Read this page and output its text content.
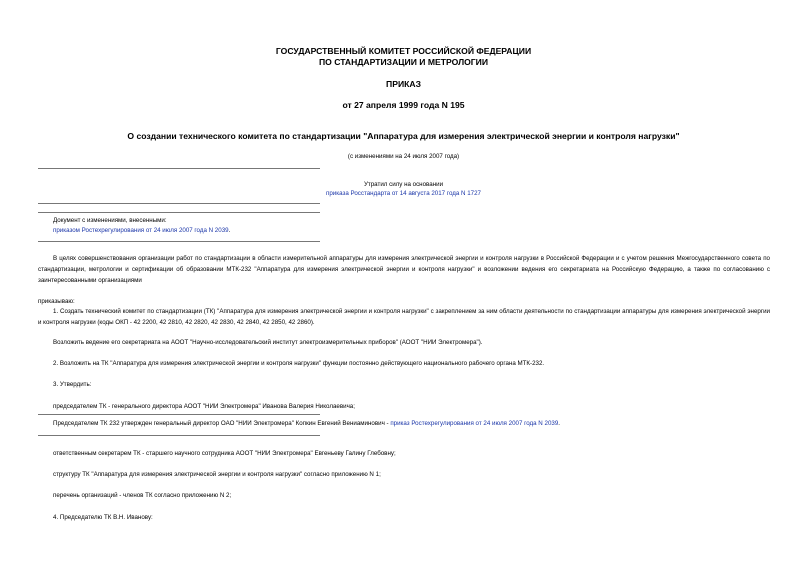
ГОСУДАРСТВЕННЫЙ КОМИТЕТ РОССИЙСКОЙ ФЕДЕРАЦИИ
ПО СТАНДАРТИЗАЦИИ И МЕТРОЛОГИИ
ПРИКАЗ
от 27 апреля 1999 года N 195
О создании технического комитета по стандартизации "Аппаратура для измерения электрической энергии и контроля нагрузки"
(с изменениями на 24 июля 2007 года)
Утратил силу на основании
приказа Росстандарта от 14 августа 2017 года N 1727
Документ с изменениями, внесенными:
приказом Ростехрегулирования от 24 июля 2007 года N 2039.
В целях совершенствования организации работ по стандартизации в области измерительной аппаратуры для измерения электрической энергии и контроля нагрузки в Российской Федерации и с учетом решения Межгосударственного совета по стандартизации, метрологии и сертификации об образовании МТК-232 "Аппаратура для измерения электрической энергии и контроля нагрузки" и возложении ведения его секретариата на Российскую Федерацию, а также по согласованию с заинтересованными организациями
приказываю:
1. Создать технический комитет по стандартизации (ТК) "Аппаратура для измерения электрической энергии и контроля нагрузки" с закреплением за ним области деятельности по стандартизации аппаратуры для измерения электрической энергии и контроля нагрузки (коды ОКП - 42 2200, 42 2810, 42 2820, 42 2830, 42 2840, 42 2850, 42 2860).
Возложить ведение его секретариата на АООТ "Научно-исследовательский институт электроизмерительных приборов" (АООТ "НИИ Электромера").
2. Возложить на ТК "Аппаратура для измерения электрической энергии и контроля нагрузки" функции постоянно действующего национального рабочего органа МТК-232.
3. Утвердить:
председателем ТК - генерального директора АООТ "НИИ Электромера" Иванова Валерия Николаевича;
Председателем ТК 232 утвержден генеральный директор ОАО "НИИ Электромера" Копкин Евгений Вениаминович - приказ Ростехрегулирования от 24 июля 2007 года N 2039.
ответственным секретарем ТК - старшего научного сотрудника АООТ "НИИ Электромера" Евгеньеву Галину Глебовну;
структуру ТК "Аппаратура для измерения электрической энергии и контроля нагрузки" согласно приложению N 1;
перечень организаций - членов ТК согласно приложению N 2;
4. Председателю ТК В.Н. Иванову:
